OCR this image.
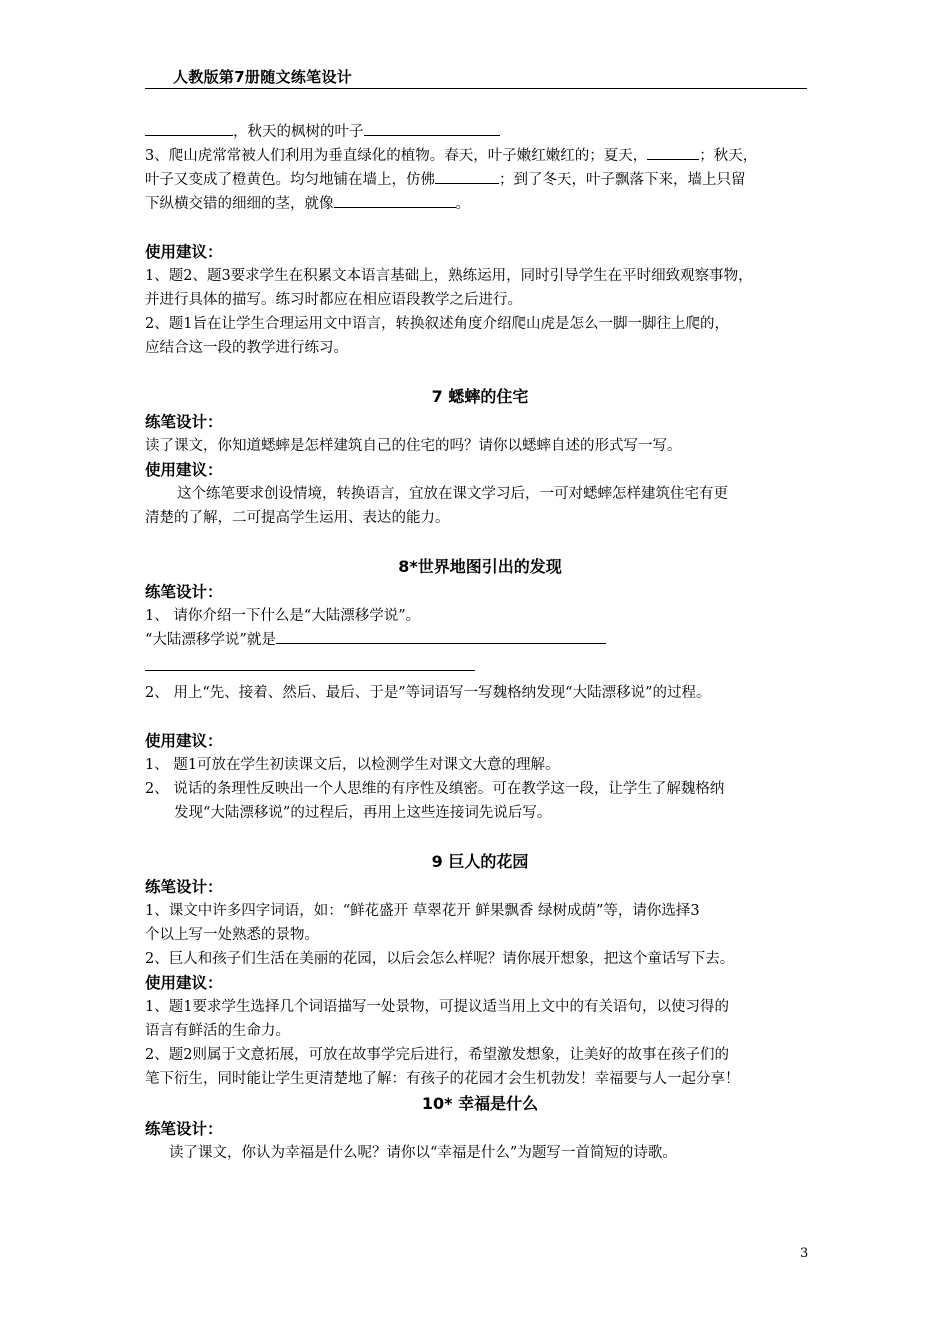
人教版第7册随文练笔设计

，秋天的枫树的叶子

3、爬山虎常常被人们利用为垂直绿化的植物。春天，叶子嫩红嫩红的；夏天，	；秋天，

叶子又变成了橙黄色。均匀地铺在墙上，仿佛	；到了冬天，叶子飘落下来，墙上只留

下纵横交错的细细的茎，就像	。

使用建议：

1、题2、题3要求学生在积累文本语言基础上，熟练运用，同时引导学生在平时细致观察事物，

并进行具体的描写。练习时都应在相应语段教学之后进行。

2、题1旨在让学生合理运用文中语言，转换叙述角度介绍爬山虎是怎么一脚一脚往上爬的，

应结合这一段的教学进行练习。

7 蟋蟀的住宅

练笔设计：

读了课文，你知道蟋蟀是怎样建筑自己的住宅的吗？请你以蟋蟀自述的形式写一写。

使用建议：

这个练笔要求创设情境，转换语言，宜放在课文学习后，一可对蟋蟀怎样建筑住宅有更

清楚的了解，二可提高学生运用、表达的能力。

8*世界地图引出的发现

练笔设计：

1、 请你介绍一下什么是“大陆漂移学说”。

“大陆漂移学说”就是

2、 用上“先、接着、然后、最后、于是”等词语写一写魏格纳发现“大陆漂移说”的过程。

使用建议：

1、 题1可放在学生初读课文后，以检测学生对课文大意的理解。

2、 说话的条理性反映出一个人思维的有序性及缜密。可在教学这一段，让学生了解魏格纳

发现“大陆漂移说”的过程后，再用上这些连接词先说后写。

9 巨人的花园

练笔设计：

1、课文中许多四字词语，如：“鲜花盛开 草翠花开 鲜果飘香 绿树成荫”等，请你选择3

个以上写一处熟悉的景物。

2、巨人和孩子们生活在美丽的花园，以后会怎么样呢？请你展开想象，把这个童话写下去。

使用建议：

1、题1要求学生选择几个词语描写一处景物，可提议适当用上文中的有关语句，以使习得的

语言有鲜活的生命力。

2、题2则属于文意拓展，可放在故事学完后进行，希望激发想象，让美好的故事在孩子们的

笔下衍生，同时能让学生更清楚地了解：有孩子的花园才会生机勃发！幸福要与人一起分享！

10* 幸福是什么

练笔设计：

读了课文，你认为幸福是什么呢？请你以“幸福是什么”为题写一首简短的诗歌。

3
